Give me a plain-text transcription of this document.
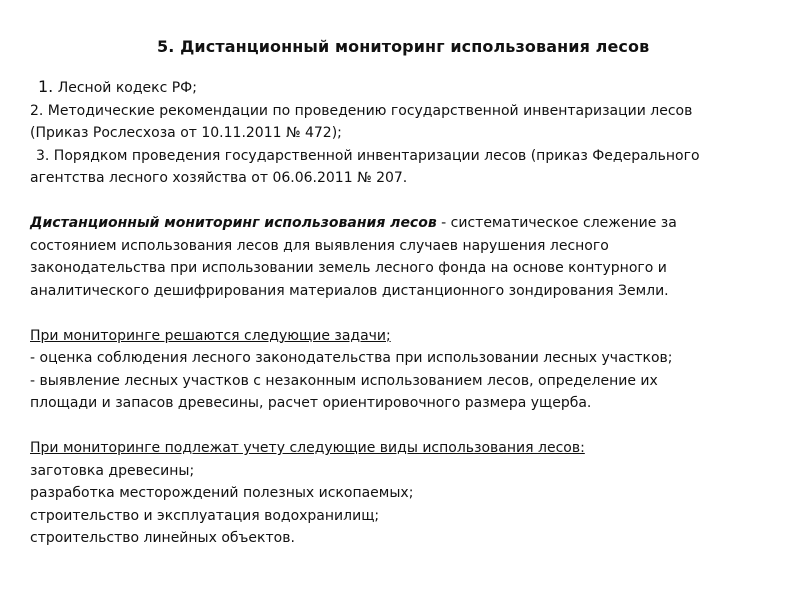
5. Дистанционный мониторинг использования лесов
1. Лесной кодекс РФ;
2. Методические рекомендации по проведению государственной инвентаризации лесов
(Приказ Рослесхоза от 10.11.2011 № 472);
3. Порядком проведения государственной инвентаризации лесов (приказ Федерального
агентства лесного хозяйства от 06.06.2011 № 207.
Дистанционный мониторинг использования лесов - систематическое слежение за
состоянием использования лесов для выявления случаев нарушения лесного
законодательства при использовании земель лесного фонда на основе контурного и
аналитического дешифрирования материалов дистанционного зондирования Земли.
При мониторинге решаются следующие задачи;
- оценка соблюдения лесного законодательства при использовании лесных участков;
- выявление лесных участков с незаконным использованием лесов, определение их
площади и запасов древесины, расчет ориентировочного размера ущерба.
При мониторинге подлежат учету следующие виды использования лесов:
заготовка древесины;
разработка месторождений полезных ископаемых;
строительство и эксплуатация водохранилищ;
строительство линейных объектов.
